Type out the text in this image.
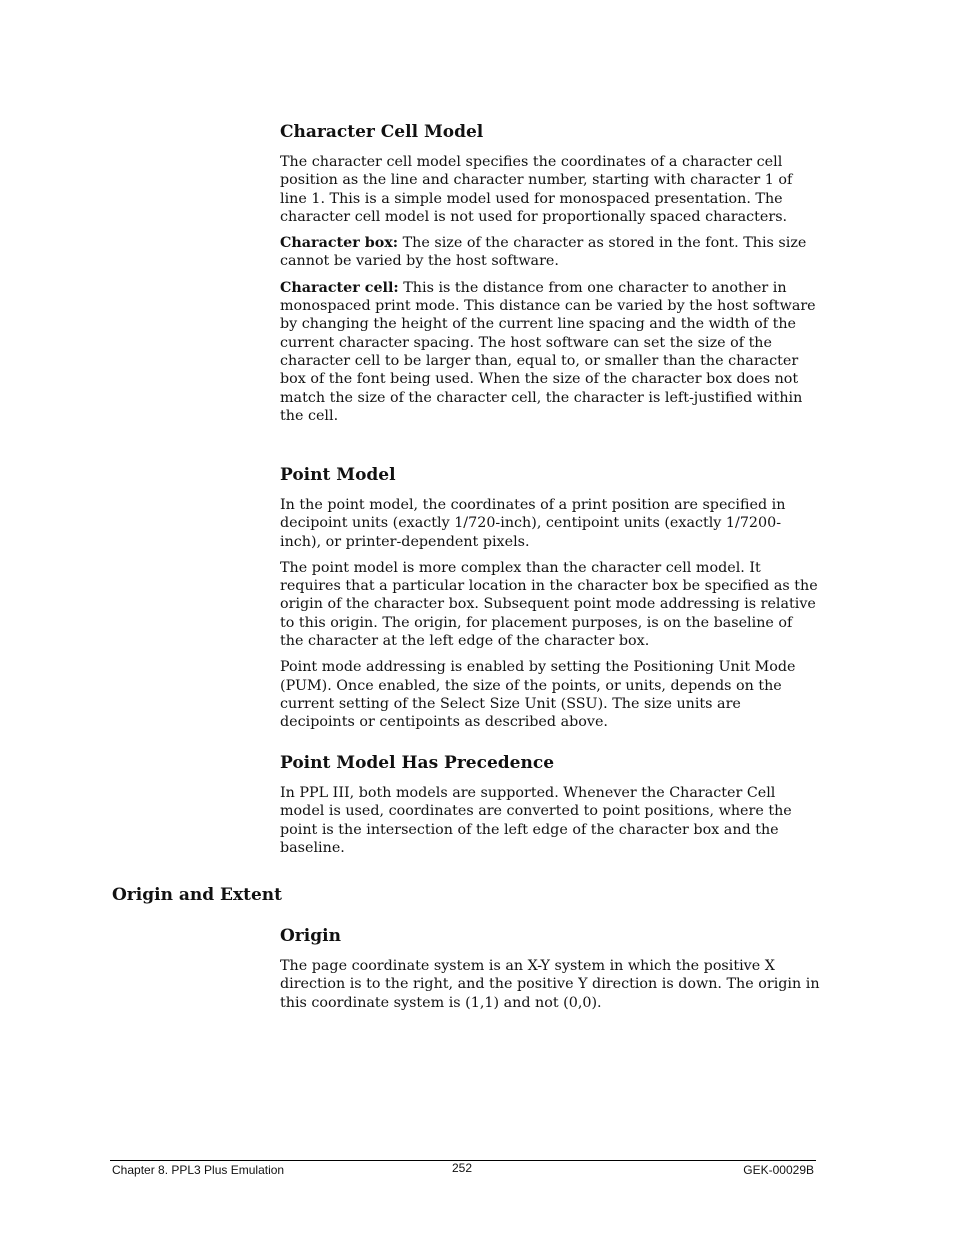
Character Cell Model

The character cell model specifies the coordinates of a character cell position as the line and character number, starting with character 1 of line 1. This is a simple model used for monospaced presentation. The character cell model is not used for proportionally spaced characters.

Character box: The size of the character as stored in the font. This size cannot be varied by the host software.

Character cell: This is the distance from one character to another in monospaced print mode. This distance can be varied by the host software by changing the height of the current line spacing and the width of the current character spacing. The host software can set the size of the character cell to be larger than, equal to, or smaller than the character box of the font being used. When the size of the character box does not match the size of the character cell, the character is left-justified within the cell.

Point Model

In the point model, the coordinates of a print position are specified in decipoint units (exactly 1/720-inch), centipoint units (exactly 1/7200-inch), or printer-dependent pixels.

The point model is more complex than the character cell model. It requires that a particular location in the character box be specified as the origin of the character box. Subsequent point mode addressing is relative to this origin. The origin, for placement purposes, is on the baseline of the character at the left edge of the character box.

Point mode addressing is enabled by setting the Positioning Unit Mode (PUM). Once enabled, the size of the points, or units, depends on the current setting of the Select Size Unit (SSU). The size units are decipoints or centipoints as described above.

Point Model Has Precedence

In PPL III, both models are supported. Whenever the Character Cell model is used, coordinates are converted to point positions, where the point is the intersection of the left edge of the character box and the baseline.

Origin and Extent
Origin

The page coordinate system is an X-Y system in which the positive X direction is to the right, and the positive Y direction is down. The origin in this coordinate system is (1,1) and not (0,0).

Chapter 8. PPL3 Plus Emulation	252	GEK-00029B
